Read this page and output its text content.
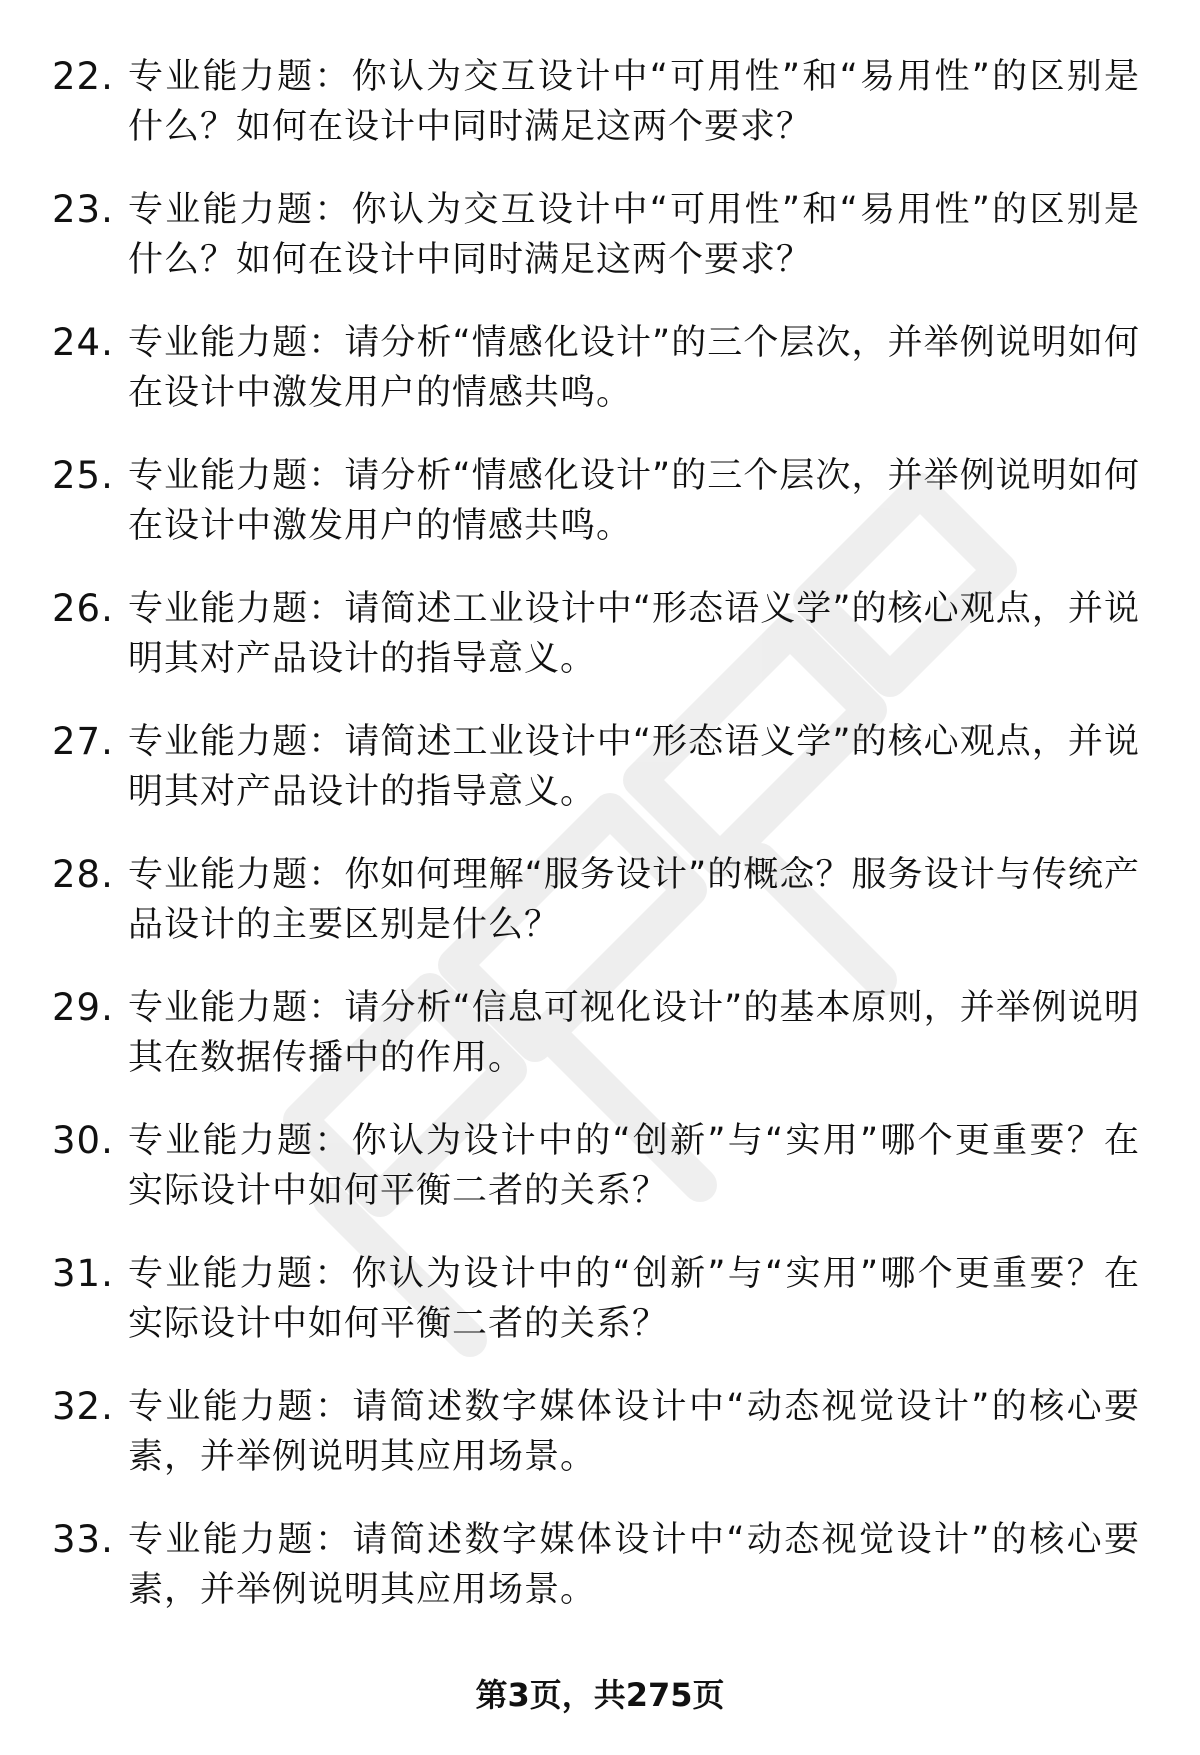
22. 专业能力题：你认为交互设计中“可用性”和“易用性”的区别是什么？如何在设计中同时满足这两个要求？
23. 专业能力题：你认为交互设计中“可用性”和“易用性”的区别是什么？如何在设计中同时满足这两个要求？
24. 专业能力题：请分析“情感化设计”的三个层次，并举例说明如何在设计中激发用户的情感共鸣。
25. 专业能力题：请分析“情感化设计”的三个层次，并举例说明如何在设计中激发用户的情感共鸣。
26. 专业能力题：请简述工业设计中“形态语义学”的核心观点，并说明其对产品设计的指导意义。
27. 专业能力题：请简述工业设计中“形态语义学”的核心观点，并说明其对产品设计的指导意义。
28. 专业能力题：你如何理解“服务设计”的概念？服务设计与传统产品设计的主要区别是什么？
29. 专业能力题：请分析“信息可视化设计”的基本原则，并举例说明其在数据传播中的作用。
30. 专业能力题：你认为设计中的“创新”与“实用”哪个更重要？在实际设计中如何平衡二者的关系？
31. 专业能力题：你认为设计中的“创新”与“实用”哪个更重要？在实际设计中如何平衡二者的关系？
32. 专业能力题：请简述数字媒体设计中“动态视觉设计”的核心要素，并举例说明其应用场景。
33. 专业能力题：请简述数字媒体设计中“动态视觉设计”的核心要素，并举例说明其应用场景。
第3页，共275页
